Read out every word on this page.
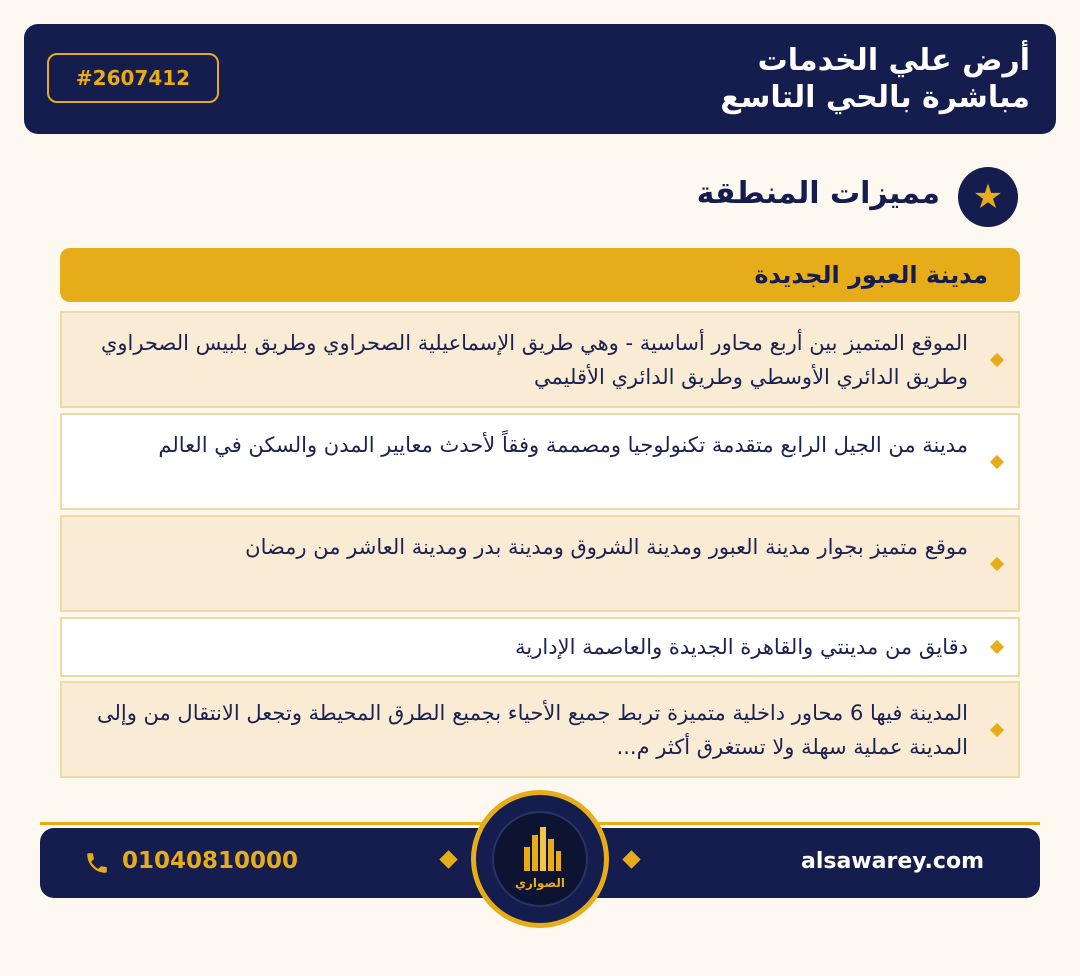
أرض علي الخدمات
مباشرة بالحي التاسع
#2607412
★
مميزات المنطقة
مدينة العبور الجديدة
الموقع المتميز بين أربع محاور أساسية - وهي طريق الإسماعيلية الصحراوي وطريق بلبيس الصحراوي وطريق الدائري الأوسطي وطريق الدائري الأقليمي
مدينة من الجيل الرابع متقدمة تكنولوجيا ومصممة وفقاً لأحدث معايير المدن والسكن في العالم
موقع متميز بجوار مدينة العبور ومدينة الشروق ومدينة بدر ومدينة العاشر من رمضان
دقايق من مدينتي والقاهرة الجديدة والعاصمة الإدارية
المدينة فيها 6 محاور داخلية متميزة تربط جميع الأحياء بجميع الطرق المحيطة وتجعل الانتقال من وإلى المدينة عملية سهلة ولا تستغرق أكثر م...
alsawarey.com
01040810000
الصواري
